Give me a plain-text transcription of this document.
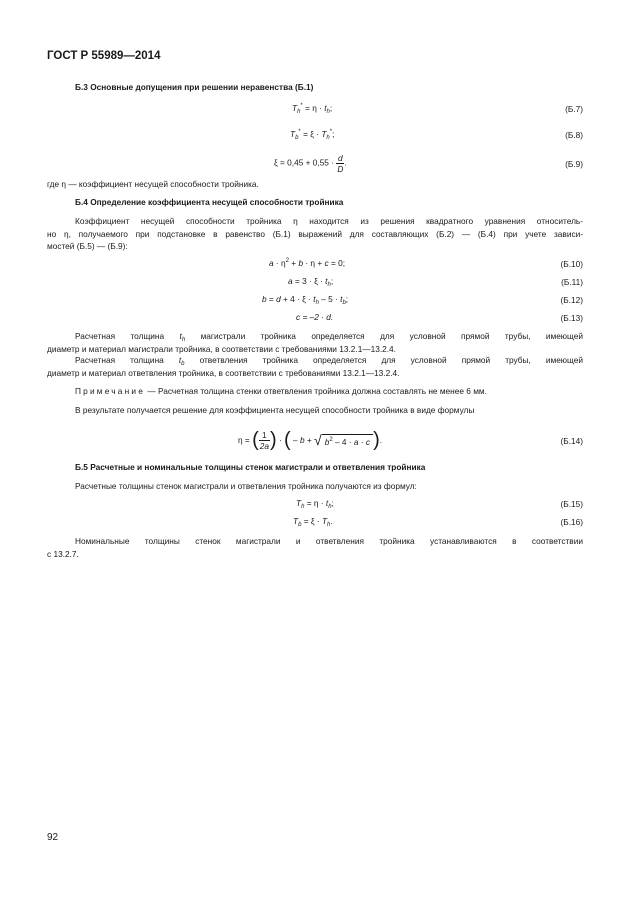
ГОСТ Р 55989—2014
Б.3 Основные допущения при решении неравенства (Б.1)
$T_h^* = \eta \cdot t_h$;	(Б.7)
$T_b^* = \xi \cdot T_h^*$;	(Б.8)
$\xi = 0,45 + 0,55 \cdot \frac{d}{D}$ .	(Б.9)
где η — коэффициент несущей способности тройника.
Б.4 Определение коэффициента несущей способности тройника
Коэффициент несущей способности тройника η находится из решения квадратного уравнения относитель-
но η, получаемого при подстановке в равенство (Б.1) выражений для составляющих (Б.2) — (Б.4) при учете зависи-
мостей (Б.5) — (Б.9):
$a \cdot \eta^2 + b \cdot \eta + c = 0$;	(Б.10)
$a = 3 \cdot \xi \cdot t_h$;	(Б.11)
$b = d + 4 \cdot \xi \cdot t_h - 5 \cdot t_b$;	(Б.12)
c = –2 · d.	(Б.13)
Расчетная толщина $t_h$ магистрали тройника определяется для условной прямой трубы, имеющей
диаметр и материал магистрали тройника, в соответствии с требованиями 13.2.1—13.2.4.
Расчетная толщина $t_b$ ответвления тройника определяется для условной прямой трубы, имеющей
диаметр и материал ответвления тройника, в соответствии с требованиями 13.2.1—13.2.4.
Примечание — Расчетная толщина стенки ответвления тройника должна составлять не менее 6 мм.
В результате получается решение для коэффициента несущей способности тройника в виде формулы
η = ( $\frac{1}{2a}$ ) · ( – b + √ $b^2 - 4 \cdot a \cdot c$ ) .	(Б.14)
Б.5 Расчетные и номинальные толщины стенок магистрали и ответвления тройника
Расчетные толщины стенок магистрали и ответвления тройника получаются из формул:
$T_h = \eta \cdot t_h$;	(Б.15)
$T_b = \xi \cdot T_h$.	(Б.16)
Номинальные толщины стенок магистрали и ответвления тройника устанавливаются в соответствии
с 13.2.7.
92
